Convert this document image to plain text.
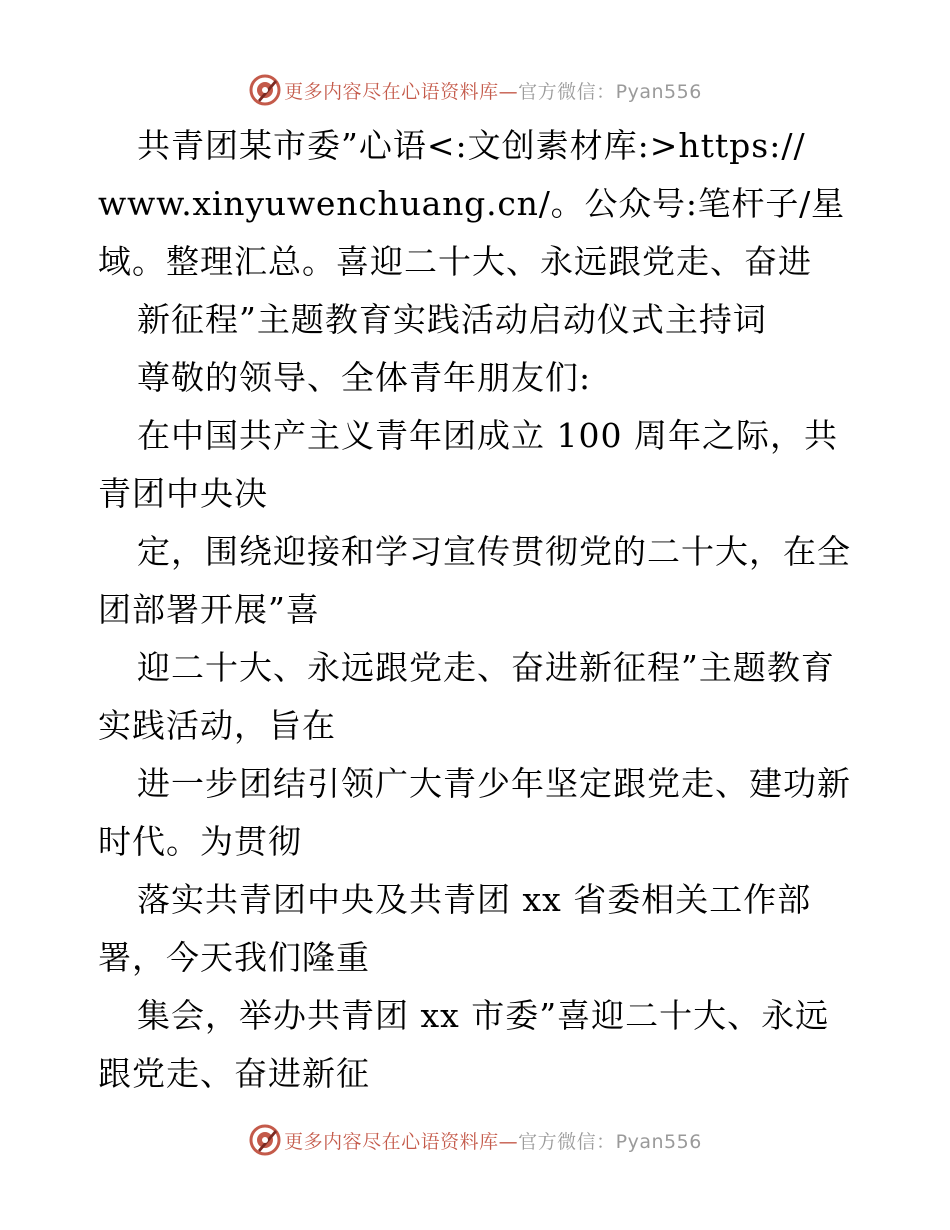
更多内容尽在心语资料库—官方微信：Pyan556
共青团某市委”心语<:文创素材库:>https://
www.xinyuwenchuang.cn/。公众号:笔杆子/星
域。整理汇总。喜迎二十大、永远跟党走、奋进
新征程”主题教育实践活动启动仪式主持词
尊敬的领导、全体青年朋友们:
在中国共产主义青年团成立 100 周年之际，共
青团中央决
定，围绕迎接和学习宣传贯彻党的二十大，在全
团部署开展”喜
迎二十大、永远跟党走、奋进新征程”主题教育
实践活动，旨在
进一步团结引领广大青少年坚定跟党走、建功新
时代。为贯彻
落实共青团中央及共青团 xx 省委相关工作部
署，今天我们隆重
集会，举办共青团 xx 市委”喜迎二十大、永远
跟党走、奋进新征
更多内容尽在心语资料库—官方微信：Pyan556
